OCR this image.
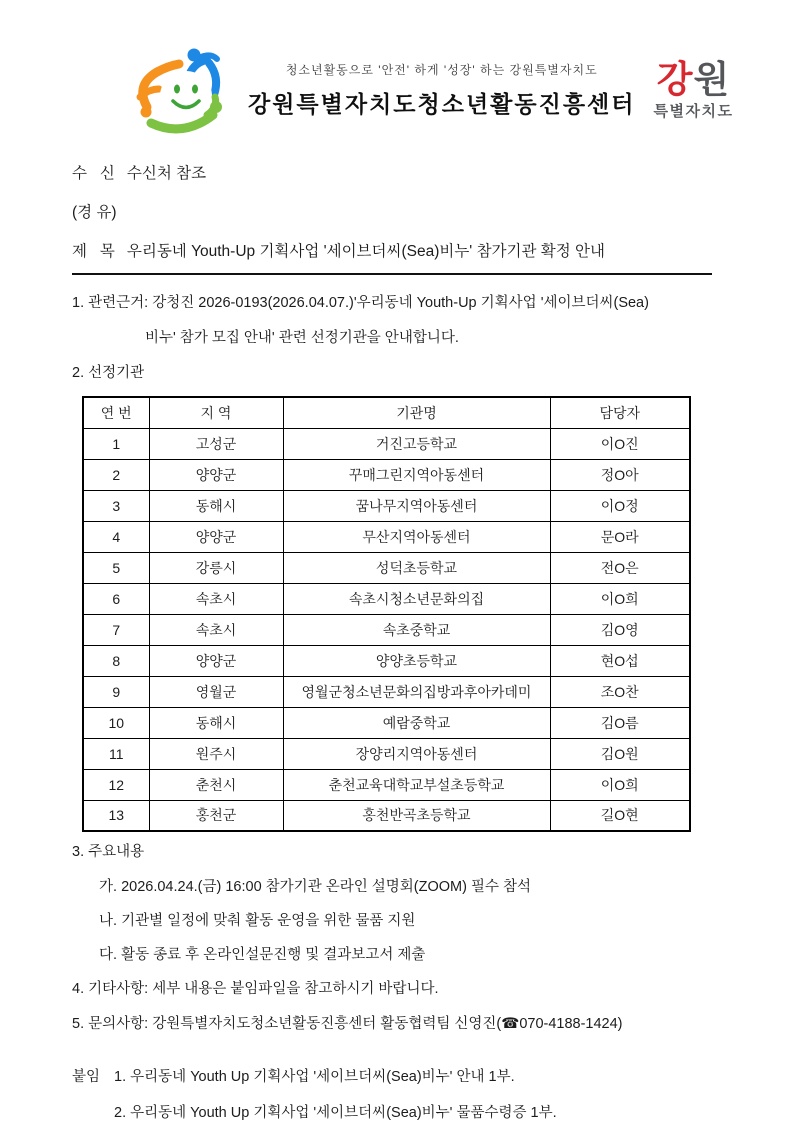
청소년활동으로 '안전' 하게 '성장' 하는 강원특별자치도
강원특별자치도청소년활동진흥센터
강원
특별자치도
수   신 수신처 참조
(경 유)
제   목 우리동네 Youth-Up 기획사업 '세이브더씨(Sea)비누' 참가기관 확정 안내
1. 관련근거: 강청진 2026-0193(2026.04.07.)'우리동네 Youth-Up 기획사업 '세이브더씨(Sea)
비누' 참가 모집 안내' 관련 선정기관을 안내합니다.
2. 선정기관
연 번	지 역	기관명	담당자
1	고성군	거진고등학교	이O진
2	양양군	꾸매그린지역아동센터	정O아
3	동해시	꿈나무지역아동센터	이O정
4	양양군	무산지역아동센터	문O라
5	강릉시	성덕초등학교	전O은
6	속초시	속초시청소년문화의집	이O희
7	속초시	속초중학교	김O영
8	양양군	양양초등학교	현O섭
9	영월군	영월군청소년문화의집방과후아카데미	조O찬
10	동해시	예람중학교	김O름
11	원주시	장양리지역아동센터	김O원
12	춘천시	춘천교육대학교부설초등학교	이O희
13	홍천군	홍천반곡초등학교	길O현
3. 주요내용
가. 2026.04.24.(금) 16:00 참가기관 온라인 설명회(ZOOM) 필수 참석
나. 기관별 일정에 맞춰 활동 운영을 위한 물품 지원
다. 활동 종료 후 온라인설문진행 및 결과보고서 제출
4. 기타사항: 세부 내용은 붙임파일을 참고하시기 바랍니다.
5. 문의사항: 강원특별자치도청소년활동진흥센터 활동협력팀 신영진(☎070-4188-1424)
붙임 1. 우리동네 Youth Up 기획사업 '세이브더씨(Sea)비누' 안내 1부.
2. 우리동네 Youth Up 기획사업 '세이브더씨(Sea)비누' 물품수령증 1부.
